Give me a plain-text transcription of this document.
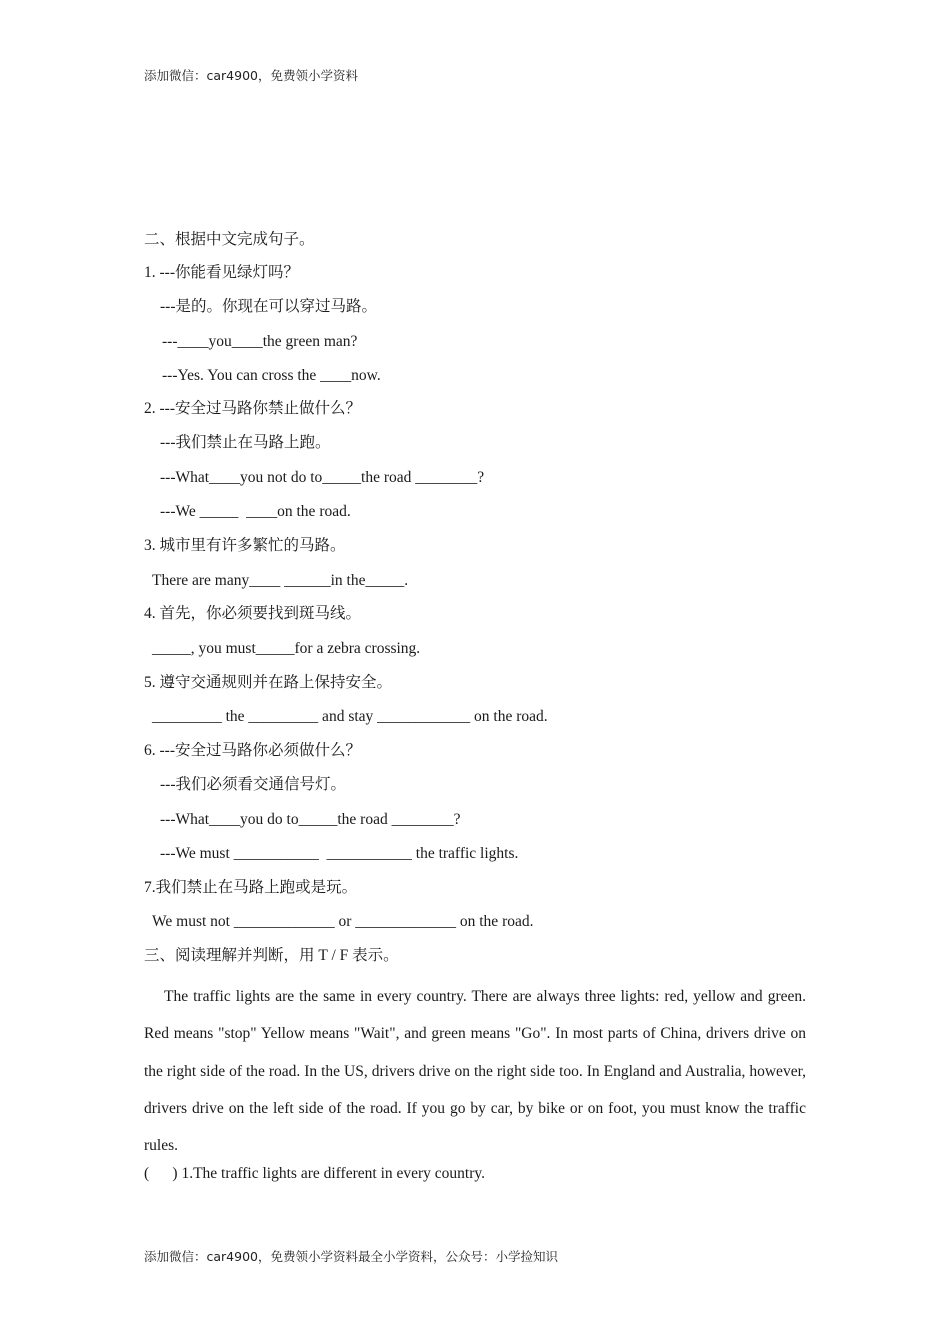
添加微信：car4900，免费领小学资料
二、根据中文完成句子。
1. ---你能看见绿灯吗？
---是的。你现在可以穿过马路。
---____you____the green man?
---Yes. You can cross the ____now.
2. ---安全过马路你禁止做什么？
---我们禁止在马路上跑。
---What____you not do to_____the road ________?
---We _____  ____on the road.
3. 城市里有许多繁忙的马路。
There are many____ ______in the_____.
4. 首先，你必须要找到斑马线。
_____, you must_____for a zebra crossing.
5. 遵守交通规则并在路上保持安全。
_________ the _________ and stay ____________ on the road.
6. ---安全过马路你必须做什么？
---我们必须看交通信号灯。
---What____you do to_____the road ________?
---We must ___________  ___________ the traffic lights.
7.我们禁止在马路上跑或是玩。
We must not _____________ or _____________ on the road.
三、阅读理解并判断，用 T / F 表示。

The traffic lights are the same in every country. There are always three lights: red, yellow and green. Red means "stop" Yellow means "Wait", and green means "Go". In most parts of China, drivers drive on the right side of the road. In the US, drivers drive on the right side too. In England and Australia, however, drivers drive on the left side of the road. If you go by car, by bike or on foot, you must know the traffic rules.

(      ) 1.The traffic lights are different in every country.
添加微信：car4900，免费领小学资料最全小学资料，公众号：小学捡知识
